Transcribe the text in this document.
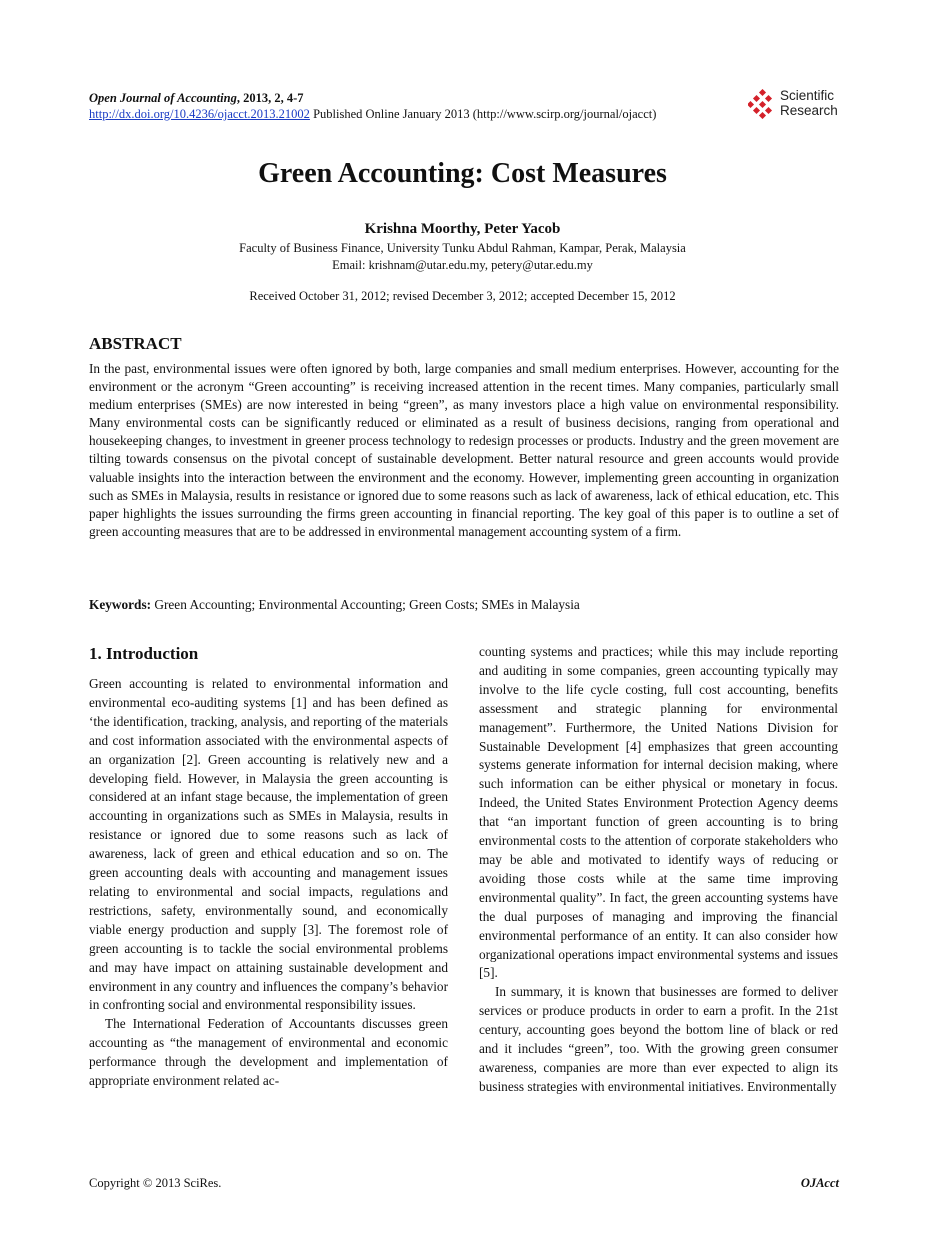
Open Journal of Accounting, 2013, 2, 4-7
http://dx.doi.org/10.4236/ojacct.2013.21002 Published Online January 2013 (http://www.scirp.org/journal/ojacct)
Scientific
Research
Green Accounting: Cost Measures
Krishna Moorthy, Peter Yacob
Faculty of Business Finance, University Tunku Abdul Rahman, Kampar, Perak, Malaysia
Email: krishnam@utar.edu.my, petery@utar.edu.my
Received October 31, 2012; revised December 3, 2012; accepted December 15, 2012
ABSTRACT
In the past, environmental issues were often ignored by both, large companies and small medium enterprises. However, accounting for the environment or the acronym “Green accounting” is receiving increased attention in the recent times. Many companies, particularly small medium enterprises (SMEs) are now interested in being “green”, as many investors place a high value on environmental responsibility. Many environmental costs can be significantly reduced or eliminated as a result of business decisions, ranging from operational and housekeeping changes, to investment in greener process technology to redesign processes or products. Industry and the green movement are tilting towards consensus on the pivotal concept of sustainable development. Better natural resource and green accounts would provide valuable insights into the interaction between the environment and the economy. However, implementing green accounting in organization such as SMEs in Malaysia, results in resistance or ignored due to some reasons such as lack of awareness, lack of ethical education, etc. This paper highlights the issues surrounding the firms green accounting in financial reporting. The key goal of this paper is to outline a set of green accounting measures that are to be addressed in environmental management accounting system of a firm.
Keywords: Green Accounting; Environmental Accounting; Green Costs; SMEs in Malaysia
1. Introduction

Green accounting is related to environmental information and environmental eco-auditing systems [1] and has been defined as ‘the identification, tracking, analysis, and reporting of the materials and cost information associated with the environmental aspects of an organization [2]. Green accounting is relatively new and a developing field. However, in Malaysia the green accounting is considered at an infant stage because, the implementation of green accounting in organizations such as SMEs in Malaysia, results in resistance or ignored due to some reasons such as lack of awareness, lack of green and ethical education and so on. The green accounting deals with accounting and management issues relating to environmental and social impacts, regulations and restrictions, safety, environmentally sound, and economically viable energy production and supply [3]. The foremost role of green accounting is to tackle the social environmental problems and may have impact on attaining sustainable development and environment in any country and influences the company’s behavior in confronting social and environmental responsibility issues.

The International Federation of Accountants discusses green accounting as “the management of environmental and economic performance through the development and implementation of appropriate environment related ac-

counting systems and practices; while this may include reporting and auditing in some companies, green accounting typically may involve to the life cycle costing, full cost accounting, benefits assessment and strategic planning for environmental management”. Furthermore, the United Nations Division for Sustainable Development [4] emphasizes that green accounting systems generate information for internal decision making, where such information can be either physical or monetary in focus. Indeed, the United States Environment Protection Agency deems that “an important function of green accounting is to bring environmental costs to the attention of corporate stakeholders who may be able and motivated to identify ways of reducing or avoiding those costs while at the same time improving environmental quality”. In fact, the green accounting systems have the dual purposes of managing and improving the financial environmental performance of an entity. It can also consider how organizational operations impact environmental systems and issues [5].

In summary, it is known that businesses are formed to deliver services or produce products in order to earn a profit. In the 21st century, accounting goes beyond the bottom line of black or red and it includes “green”, too. With the growing green consumer awareness, companies are more than ever expected to align its business strategies with environmental initiatives. Environmentally

Copyright © 2013 SciRes.	OJAcct
